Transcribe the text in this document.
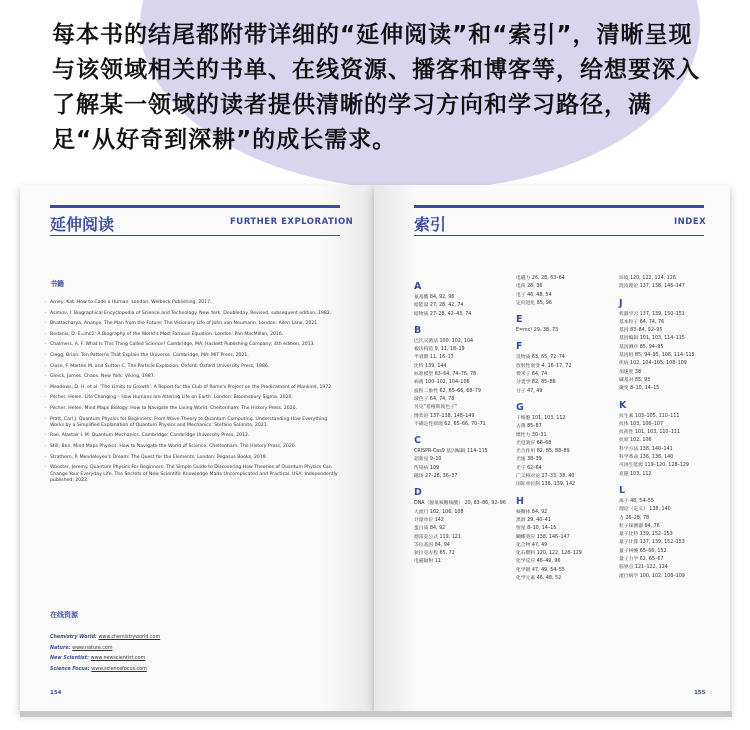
每本书的结尾都附带详细的“延伸阅读”和“索引”，清晰呈现与该领域相关的书单、在线资源、播客和博客等，给想要深入了解某一领域的读者提供清晰的学习方向和学习路径，满足“从好奇到深耕”的成长需求。
延伸阅读	FURTHER EXPLORATION
书籍
· Arney, Kat. How to Code a Human. London: Welbeck Publishing, 2017.
· Asimov, I. Biographical Encyclopedia of Science and Technology. New York: Doubleday. Revised, subsequent edition, 1982.
· Bhattacharya, Ananyo. The Man from the Future: The Visionary Life of John von Neumann. London: Allen Lane, 2021.
· Bodanis, D. E=mc2: A Biography of the World's Most Famous Equation. London: Pan MacMillan, 2016.
· Chalmers, A. F. What Is This Thing Called Science? Cambridge, MA: Hackett Publishing Company; 4th edition, 2013.
· Clegg, Brian. Ten Patterns That Explain the Universe. Cambridge, MA: MIT Press, 2021.
· Close, F. Marten M. and Sutton C. The Particle Explosion. Oxford: Oxford University Press, 1986.
· Gleick, James. Chaos. New York: Viking, 1987.
· Meadows, D. H. et al. 'The Limits to Growth'. A Report for the Club of Rome's Project on the Predicament of Mankind, 1972.
· Pilcher, Helen. Life Changing – How Humans are Altering Life on Earth. London: Bloomsbury Sigma, 2020.
· Pilcher, Helen. Mind Maps Biology: How to Navigate the Living World. Cheltenham: The History Press, 2020.
· Pratt, Carl J. Quantum Physics for Beginners: From Wave Theory to Quantum Computing. Understanding How Everything Works by a Simplified Explanation of Quantum Physics and Mechanics: Stefano Solimito, 2021.
· Rae, Alastair I. M. Quantum Mechanics. Cambridge: Cambridge University Press, 2012.
· Still, Ben. Mind Maps Physics: How to Navigate the World of Science. Cheltenham: The History Press, 2020.
· Strathern, P. Mendeleyev's Dream: The Quest for the Elements. London: Pegasus Books, 2019.
· Wooster, Jeremy. Quantum Physics For Beginners: The Simple Guide to Discovering How Theories of Quantum Physics Can Change Your Everyday Life. The Secrets of New Scientific Knowledge Made Uncomplicated and Practical. USA: Independently published, 2022.
在线资源
Chemistry World: www.chemistryworld.com
Nature: www.nature.com
New Scientist: www.newscientist.com
Science Focus: www.sciencefocus.com
154
索引	INDEX
A
氨基酸 84, 92, 96
暗能量 27, 28, 42, 74
暗物质 27–28, 42–43, 74
B
巴氏灭菌法 100, 102, 104
板块构造 9, 11, 18–19
半衰期 11, 16–17
比特 139, 144
标准模型 63–64, 74–76, 78
病菌 100–102, 104–106
波粒二象性 62, 65–66, 68–79
玻色子 64, 74, 78
另见“希格斯玻色子”
博弈论 137–138, 148–149
不确定性原理 62, 65–66, 70–71
C
CRISPR-Cas9 基因编辑 114–115
超新星 9–10
传染病 109
磁场 27–28, 36–37
D
DNA（脱氧核糖核酸） 20, 83–86, 92–96
大流行 102, 106, 108
计量单位 142
蛋白质 84, 92
德雷克公式 119, 121
等位基因 84, 94
狄拉克方程 65, 72
电磁辐射 11
电磁力 26, 28, 63–64
电荷 28, 36
电子 46, 48, 54
定向进化 85, 96
E
E=mc² 29, 38, 73
F
反物质 63, 65, 72–74
放射性衰变 4, 16–17, 72
费米子 64, 74
分类学 82, 85–86
分子 47, 49
G
干细胞 101, 103, 112
古菌 85–87
惯性力 30–31
光电效应 66–68
光合作用 82, 85, 88–89
光速 38–39
光子 62–64
广义相对论 27–33, 38, 40
国际单位制 136, 139, 142
H
核糖体 84, 92
黑洞 29, 40–41
恒星 8–10, 14–15
蝴蝶效应 138, 146–147
化合物 47, 49
化石燃料 120, 122, 128–129
化学反应 46–49, 96
化学键 47, 49, 54–55
化学元素 46, 48, 52
环境 120, 122, 124, 126
混沌理论 137, 138, 146–147
J
机器学习 137, 139, 150–151
基本粒子 64, 74, 76
基因 83–84, 92–95
基因编辑 101, 103, 114–115
基因测序 85, 94–95
基因组 85, 94–95, 108, 114–115
疾病 102, 104–105, 108–109
加速度 38
碱基对 85, 93
聚变 8–10, 14–15
K
抗生素 103–105, 110–111
抗体 103, 106–107
抗药性 101, 103, 110–111
抗原 102, 106
科学方法 138, 140–141
科学革命 136, 138, 140
可再生能源 119–120, 128–129
克隆 103, 112
L
离子 48, 54–55
理论（定义） 138, 140
力 26–28, 78
粒子探测器 64, 76
量子比特 139, 152–153
量子计算 137, 139, 152–153
量子纠缠 65–66, 152
量子力学 62, 65–67
临界点 121–122, 124
流行病学 100, 102, 108–109
155
